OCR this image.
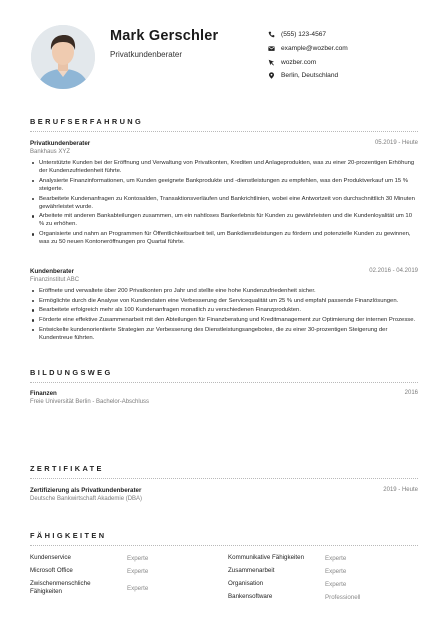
Mark Gerschler
Privatkundenberater
(555) 123-4567
example@wozber.com
wozber.com
Berlin, Deutschland
BERUFSERFAHRUNG
Privatkundenberater	05.2019 - Heute
Bankhaus XYZ
Unterstützte Kunden bei der Eröffnung und Verwaltung von Privatkonten, Krediten und Anlageprodukten, was zu einer 20-prozentigen Erhöhung der Kundenzufriedenheit führte.
Analysierte Finanzinformationen, um Kunden geeignete Bankprodukte und -dienstleistungen zu empfehlen, was den Produktverkauf um 15 % steigerte.
Bearbeitete Kundenanfragen zu Kontosalden, Transaktionsverläufen und Bankrichtlinien, wobei eine Antwortzeit von durchschnittlich 30 Minuten gewährleistet wurde.
Arbeitete mit anderen Bankabteilungen zusammen, um ein nahtloses Bankerlebnis für Kunden zu gewährleisten und die Kundenloyalität um 10 % zu erhöhen.
Organisierte und nahm an Programmen für Öffentlichkeitsarbeit teil, um Bankdienstleistungen zu fördern und potenzielle Kunden zu gewinnen, was zu 50 neuen Kontoneröffnungen pro Quartal führte.
Kundenberater	02.2016 - 04.2019
Finanzinstitut ABC
Eröffnete und verwaltete über 200 Privatkonten pro Jahr und stellte eine hohe Kundenzufriedenheit sicher.
Ermöglichte durch die Analyse von Kundendaten eine Verbesserung der Servicequalität um 25 % und empfahl passende Finanzlösungen.
Bearbeitete erfolgreich mehr als 100 Kundenanfragen monatlich zu verschiedenen Finanzprodukten.
Förderte eine effektive Zusammenarbeit mit den Abteilungen für Finanzberatung und Kreditmanagement zur Optimierung der internen Prozesse.
Entwickelte kundenorientierte Strategien zur Verbesserung des Dienstleistungsangebotes, die zu einer 30-prozentigen Steigerung der Kundentreue führten.
BILDUNGSWEG
Finanzen	2016
Freie Universität Berlin - Bachelor-Abschluss
ZERTIFIKATE
Zertifizierung als Privatkundenberater	2019 - Heute
Deutsche Bankwirtschaft Akademie (DBA)
FÄHIGKEITEN
Kundenservice	Experte
Microsoft Office	Experte
Zwischenmenschliche Fähigkeiten	Experte
Kommunikative Fähigkeiten	Experte
Zusammenarbeit	Experte
Organisation	Experte
Bankensoftware	Professionell
